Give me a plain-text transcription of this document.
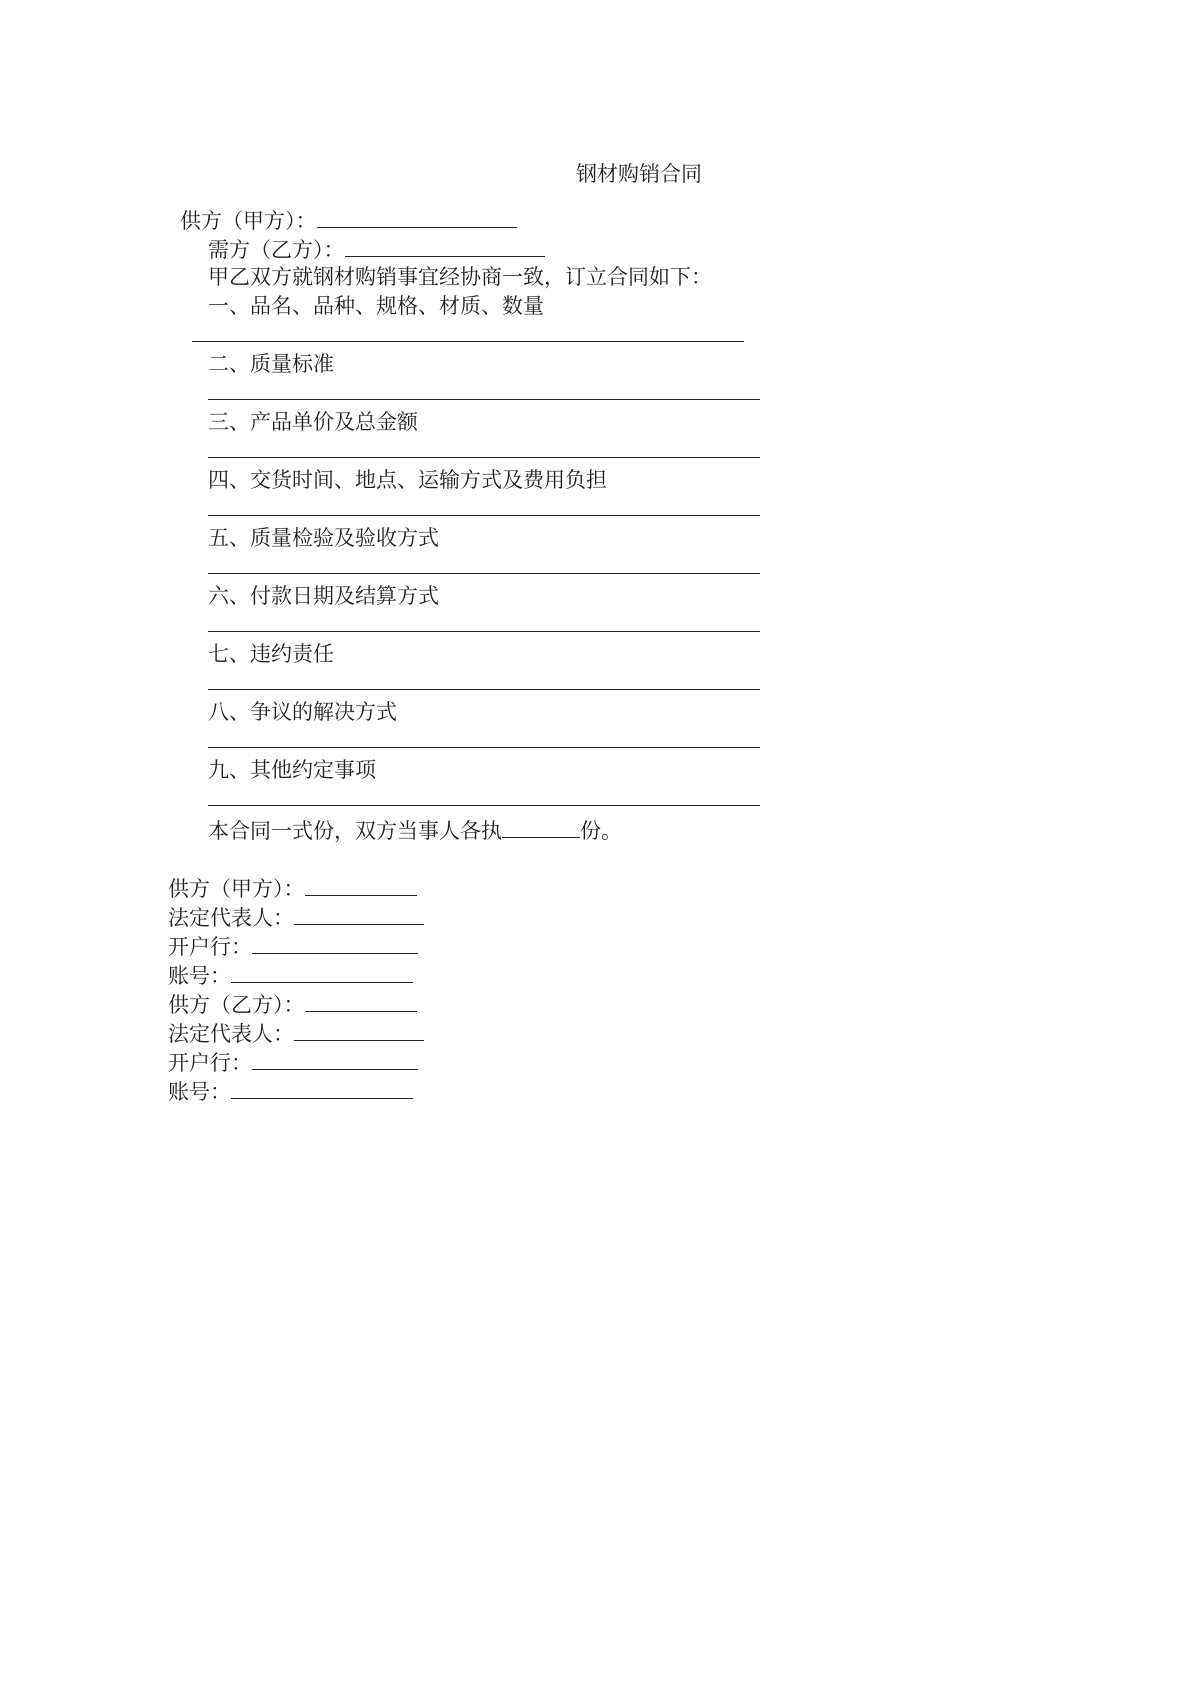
钢材购销合同
供方（甲方）：
需方（乙方）：
甲乙双方就钢材购销事宜经协商一致，订立合同如下：
一、品名、品种、规格、材质、数量
二、质量标准
三、产品单价及总金额
四、交货时间、地点、运输方式及费用负担
五、质量检验及验收方式
六、付款日期及结算方式
七、违约责任
八、争议的解决方式
九、其他约定事项
本合同一式份，双方当事人各执	份。
供方（甲方）：
法定代表人：
开户行：
账号：
供方（乙方）：
法定代表人：
开户行：
账号：
